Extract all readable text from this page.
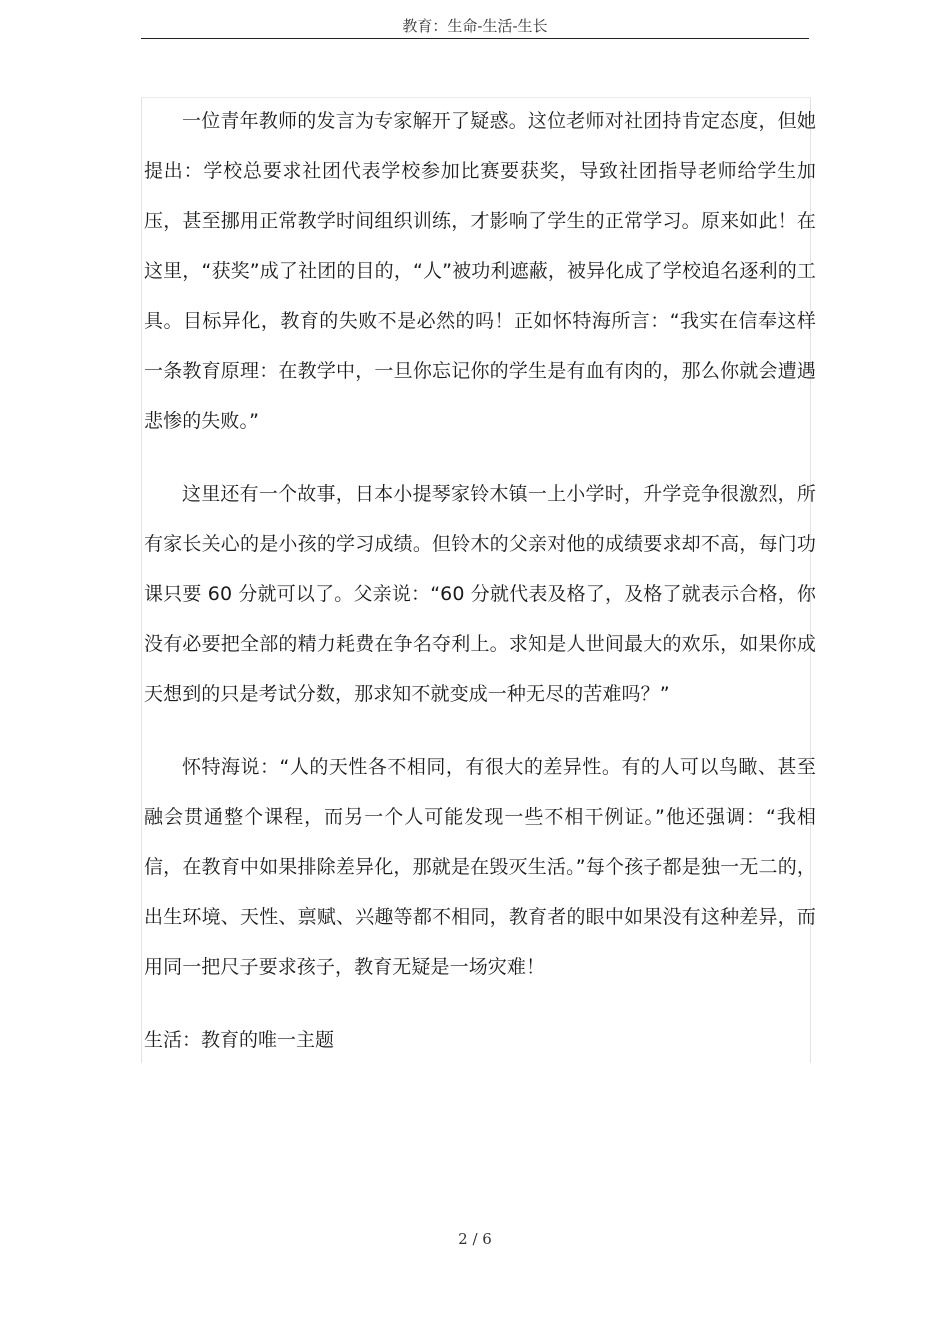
教育：生命-生活-生长

一位青年教师的发言为专家解开了疑惑。这位老师对社团持肯定态度，但她提出：学校总要求社团代表学校参加比赛要获奖，导致社团指导老师给学生加压，甚至挪用正常教学时间组织训练，才影响了学生的正常学习。原来如此！在这里，“获奖”成了社团的目的，“人”被功利遮蔽，被异化成了学校追名逐利的工具。目标异化，教育的失败不是必然的吗！正如怀特海所言：“我实在信奉这样一条教育原理：在教学中，一旦你忘记你的学生是有血有肉的，那么你就会遭遇悲惨的失败。”

这里还有一个故事，日本小提琴家铃木镇一上小学时，升学竞争很激烈，所有家长关心的是小孩的学习成绩。但铃木的父亲对他的成绩要求却不高，每门功课只要 60 分就可以了。父亲说：“60 分就代表及格了，及格了就表示合格，你没有必要把全部的精力耗费在争名夺利上。求知是人世间最大的欢乐，如果你成天想到的只是考试分数，那求知不就变成一种无尽的苦难吗？”

怀特海说：“人的天性各不相同，有很大的差异性。有的人可以鸟瞰、甚至融会贯通整个课程，而另一个人可能发现一些不相干例证。”他还强调：“我相信，在教育中如果排除差异化，那就是在毁灭生活。”每个孩子都是独一无二的，出生环境、天性、禀赋、兴趣等都不相同，教育者的眼中如果没有这种差异，而用同一把尺子要求孩子，教育无疑是一场灾难！

生活：教育的唯一主题

2 / 6
